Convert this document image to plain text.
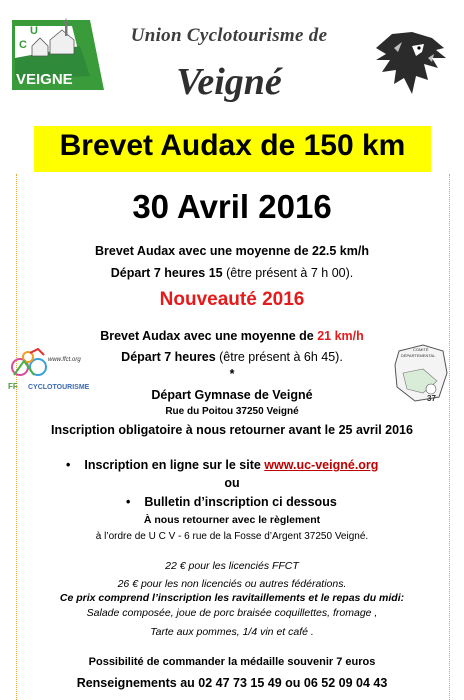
U
C
VEIGNE
Union Cyclotourisme de
Veigné
Brevet Audax de 150 km
30 Avril 2016
Brevet Audax avec une moyenne de 22.5 km/h
Départ 7 heures 15 (être présent à 7 h 00).
Nouveauté 2016
Brevet Audax avec une moyenne de 21 km/h
Départ 7 heures (être présent à 6h 45).
*
www.ffct.org
FF CYCLOTOURISME
COMITÉ
DÉPARTEMENTAL
37
Départ Gymnase de Veigné
Rue du Poitou 37250 Veigné
Inscription obligatoire à nous retourner avant le 25 avril 2016
• Inscription en ligne sur le site www.uc-veigné.org
ou
• Bulletin d’inscription ci dessous
À nous retourner avec le règlement
à l’ordre de U C V - 6 rue de la Fosse d’Argent 37250 Veigné.
22 € pour les licenciés FFCT
26 € pour les non licenciés ou autres fédérations.
Ce prix comprend l’inscription les ravitaillements et le repas du midi:
Salade composée, joue de porc braisée coquillettes, fromage ,
Tarte aux pommes, 1/4 vin et café .
Possibilité de commander la médaille souvenir 7 euros
Renseignements au 02 47 73 15 49 ou 06 52 09 04 43
